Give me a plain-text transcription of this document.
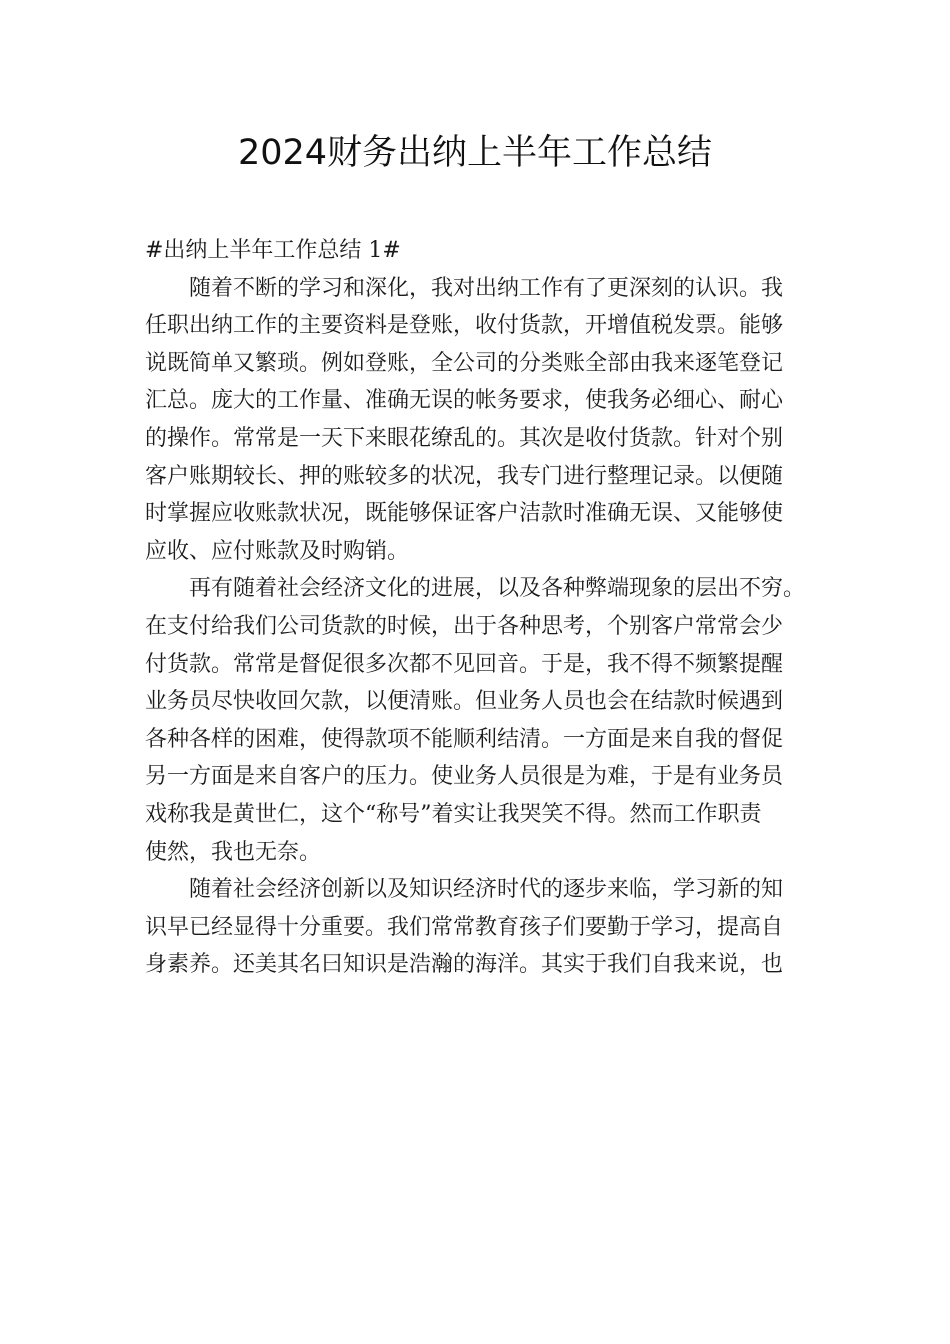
2024财务出纳上半年工作总结

#出纳上半年工作总结 1#

随着不断的学习和深化，我对出纳工作有了更深刻的认识。我
任职出纳工作的主要资料是登账，收付货款，开增值税发票。能够
说既简单又繁琐。例如登账，全公司的分类账全部由我来逐笔登记
汇总。庞大的工作量、准确无误的帐务要求，使我务必细心、耐心
的操作。常常是一天下来眼花缭乱的。其次是收付货款。针对个别
客户账期较长、押的账较多的状况，我专门进行整理记录。以便随
时掌握应收账款状况，既能够保证客户洁款时准确无误、又能够使
应收、应付账款及时购销。
再有随着社会经济文化的进展，以及各种弊端现象的层出不穷。
在支付给我们公司货款的时候，出于各种思考，个别客户常常会少
付货款。常常是督促很多次都不见回音。于是，我不得不频繁提醒
业务员尽快收回欠款，以便清账。但业务人员也会在结款时候遇到
各种各样的困难，使得款项不能顺利结清。一方面是来自我的督促
另一方面是来自客户的压力。使业务人员很是为难，于是有业务员
戏称我是黄世仁，这个“称号”着实让我哭笑不得。然而工作职责
使然，我也无奈。
随着社会经济创新以及知识经济时代的逐步来临，学习新的知
识早已经显得十分重要。我们常常教育孩子们要勤于学习，提高自
身素养。还美其名曰知识是浩瀚的海洋。其实于我们自我来说，也
